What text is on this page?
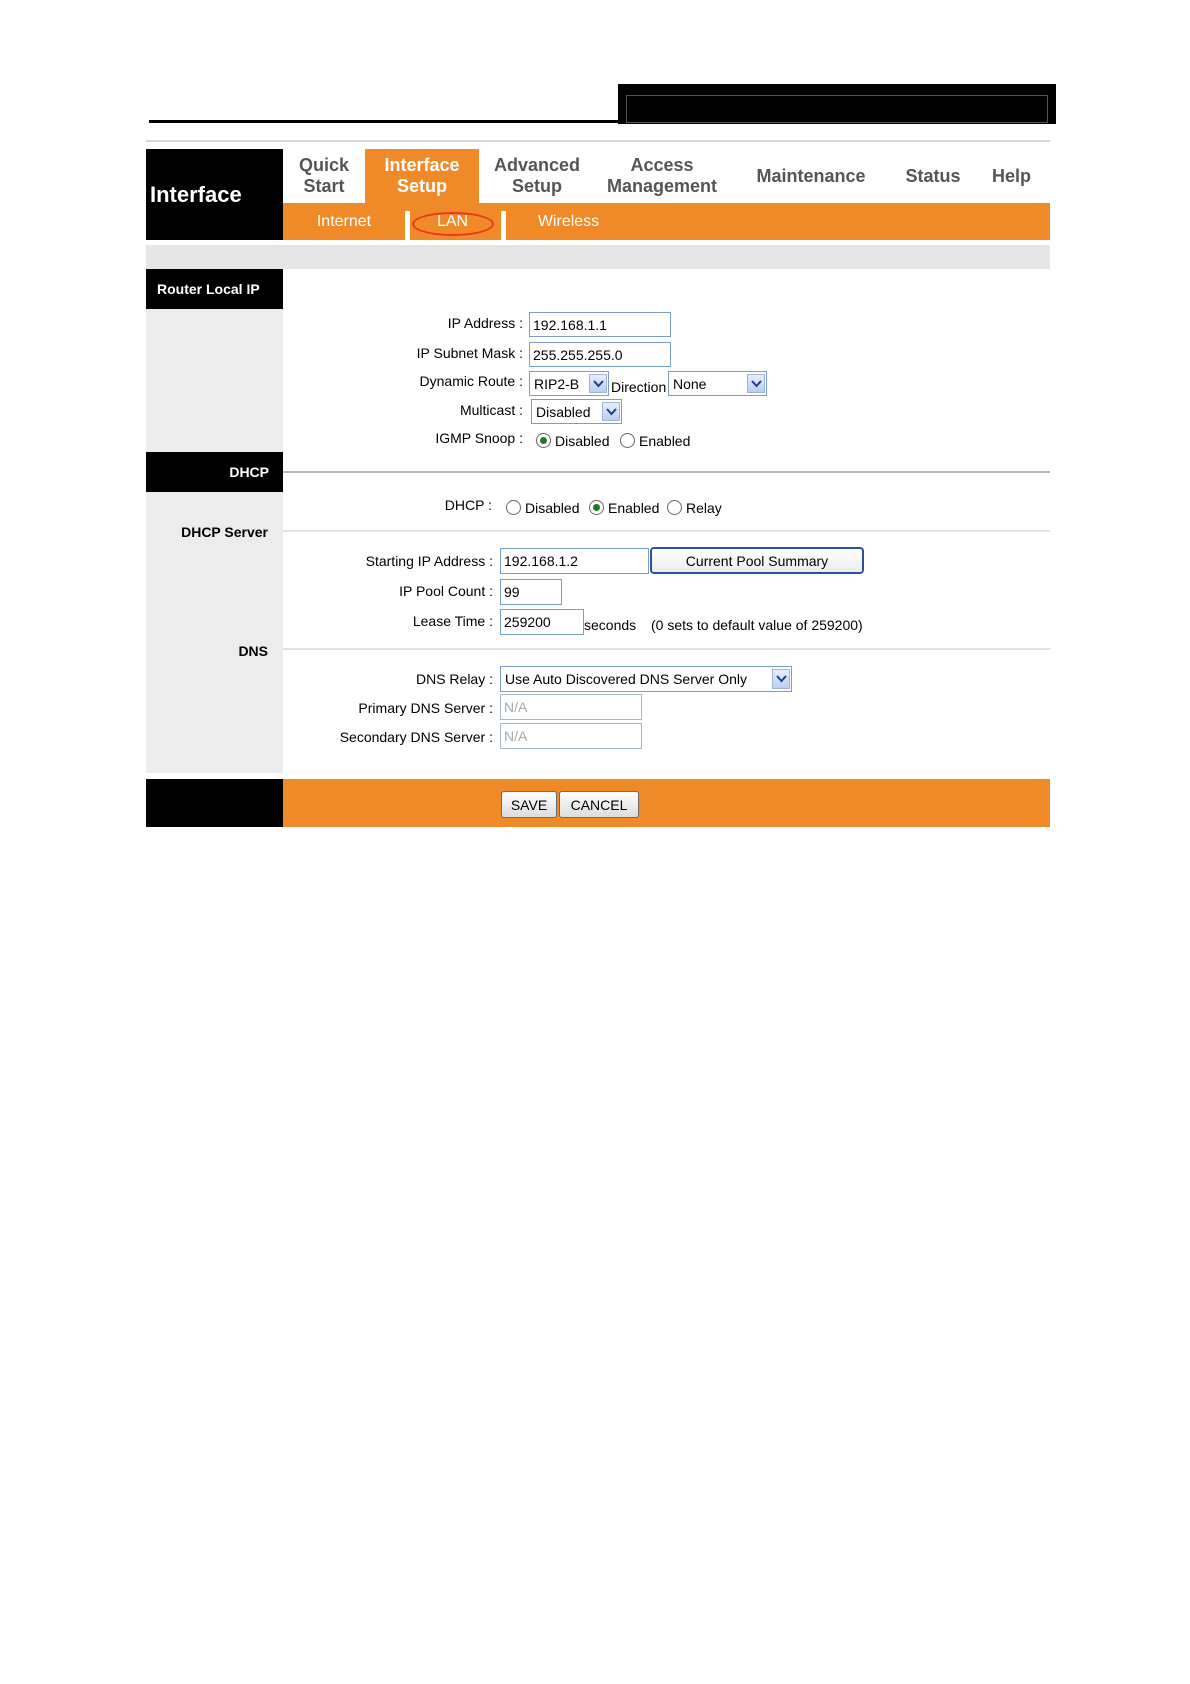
Interface
Quick
Start
Interface
Setup
Advanced
Setup
Access
Management
Maintenance	Status	Help
Internet	LAN	Wireless
Router Local IP
IP Address : 192.168.1.1
IP Subnet Mask : 255.255.255.0
Dynamic Route : RIP2-B	Direction None
Multicast : Disabled
IGMP Snoop : Disabled Enabled
DHCP
DHCP : Disabled Enabled Relay
DHCP Server
Starting IP Address : 192.168.1.2	Current Pool Summary
IP Pool Count : 99
Lease Time : 259200	seconds (0 sets to default value of 259200)
DNS
DNS Relay : Use Auto Discovered DNS Server Only
Primary DNS Server : N/A
Secondary DNS Server : N/A
SAVE	CANCEL
